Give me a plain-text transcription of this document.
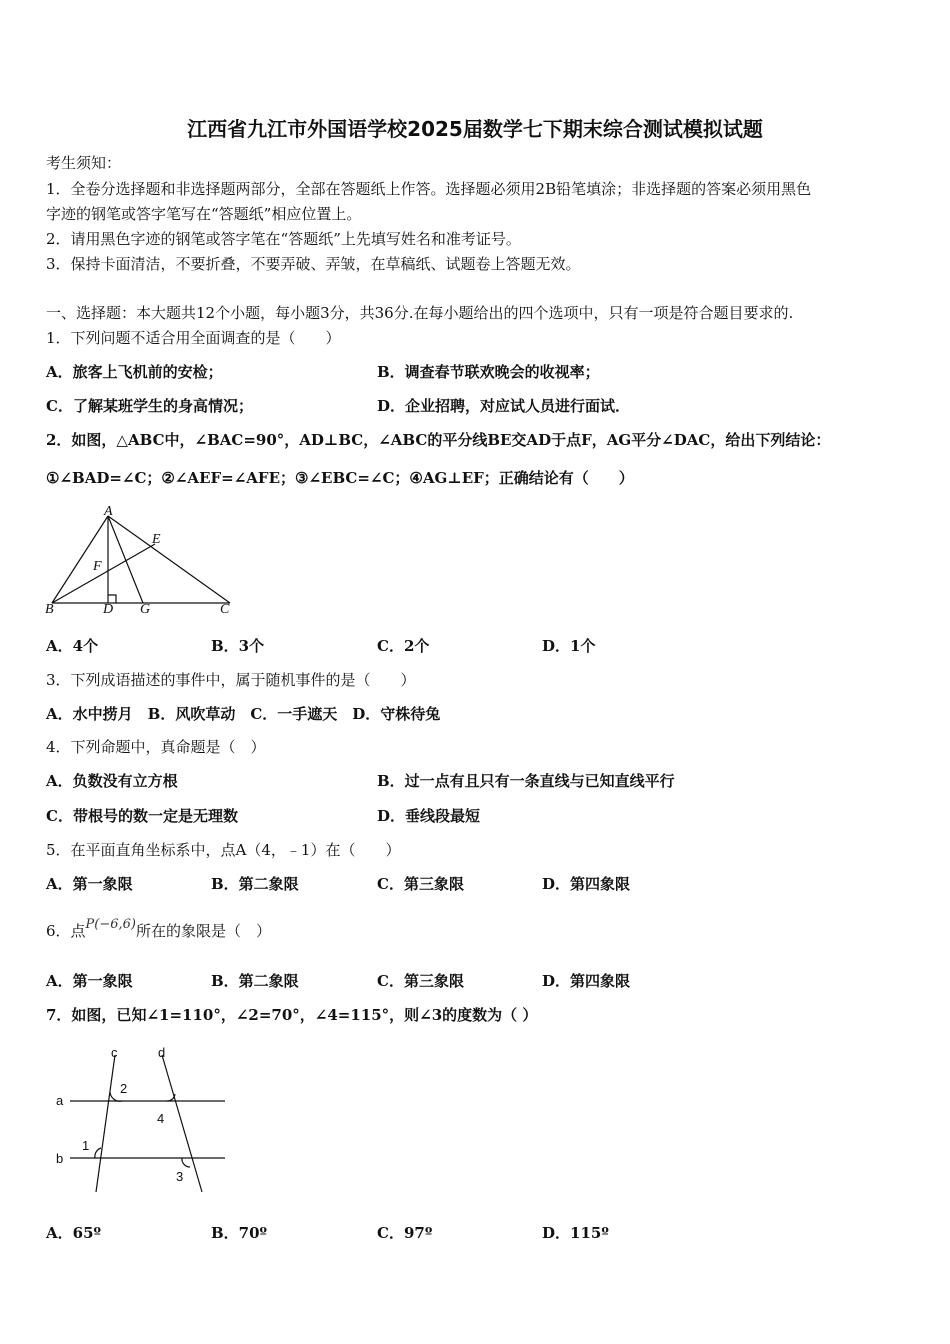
江西省九江市外国语学校2025届数学七下期末综合测试模拟试题
考生须知：
1．全卷分选择题和非选择题两部分，全部在答题纸上作答。选择题必须用2B铅笔填涂；非选择题的答案必须用黑色
字迹的钢笔或答字笔写在“答题纸”相应位置上。
2．请用黑色字迹的钢笔或答字笔在“答题纸”上先填写姓名和准考证号。
3．保持卡面清洁，不要折叠，不要弄破、弄皱，在草稿纸、试题卷上答题无效。
一、选择题：本大题共12个小题，每小题3分，共36分.在每小题给出的四个选项中，只有一项是符合题目要求的.
1．下列问题不适合用全面调查的是（　　）
A．旅客上飞机前的安检；	B．调查春节联欢晚会的收视率；
C．了解某班学生的身高情况；	D．企业招聘，对应试人员进行面试．
2．如图，△ABC中，∠BAC=90°，AD⊥BC，∠ABC的平分线BE交AD于点F，AG平分∠DAC，给出下列结论：
①∠BAD=∠C；②∠AEF=∠AFE；③∠EBC=∠C；④AG⊥EF；正确结论有（　　）
A
E
F
B	D G	C
A．4个	B．3个	C．2个	D．1个
3．下列成语描述的事件中，属于随机事件的是（　　）
A．水中捞月　B．风吹草动　C．一手遮天　D．守株待兔
4．下列命题中，真命题是（　）
A．负数没有立方根	B．过一点有且只有一条直线与已知直线平行
C．带根号的数一定是无理数	D．垂线段最短
5．在平面直角坐标系中，点A（4，﹣1）在（　　）
A．第一象限	B．第二象限	C．第三象限	D．第四象限
6．点P(−6,6)所在的象限是（　）
A．第一象限	B．第二象限	C．第三象限	D．第四象限
7．如图，已知∠1=110°，∠2=70°，∠4=115°，则∠3的度数为（ ）
c	d
a
b
2
4
1
3
A．65º	B．70º	C．97º	D．115º
